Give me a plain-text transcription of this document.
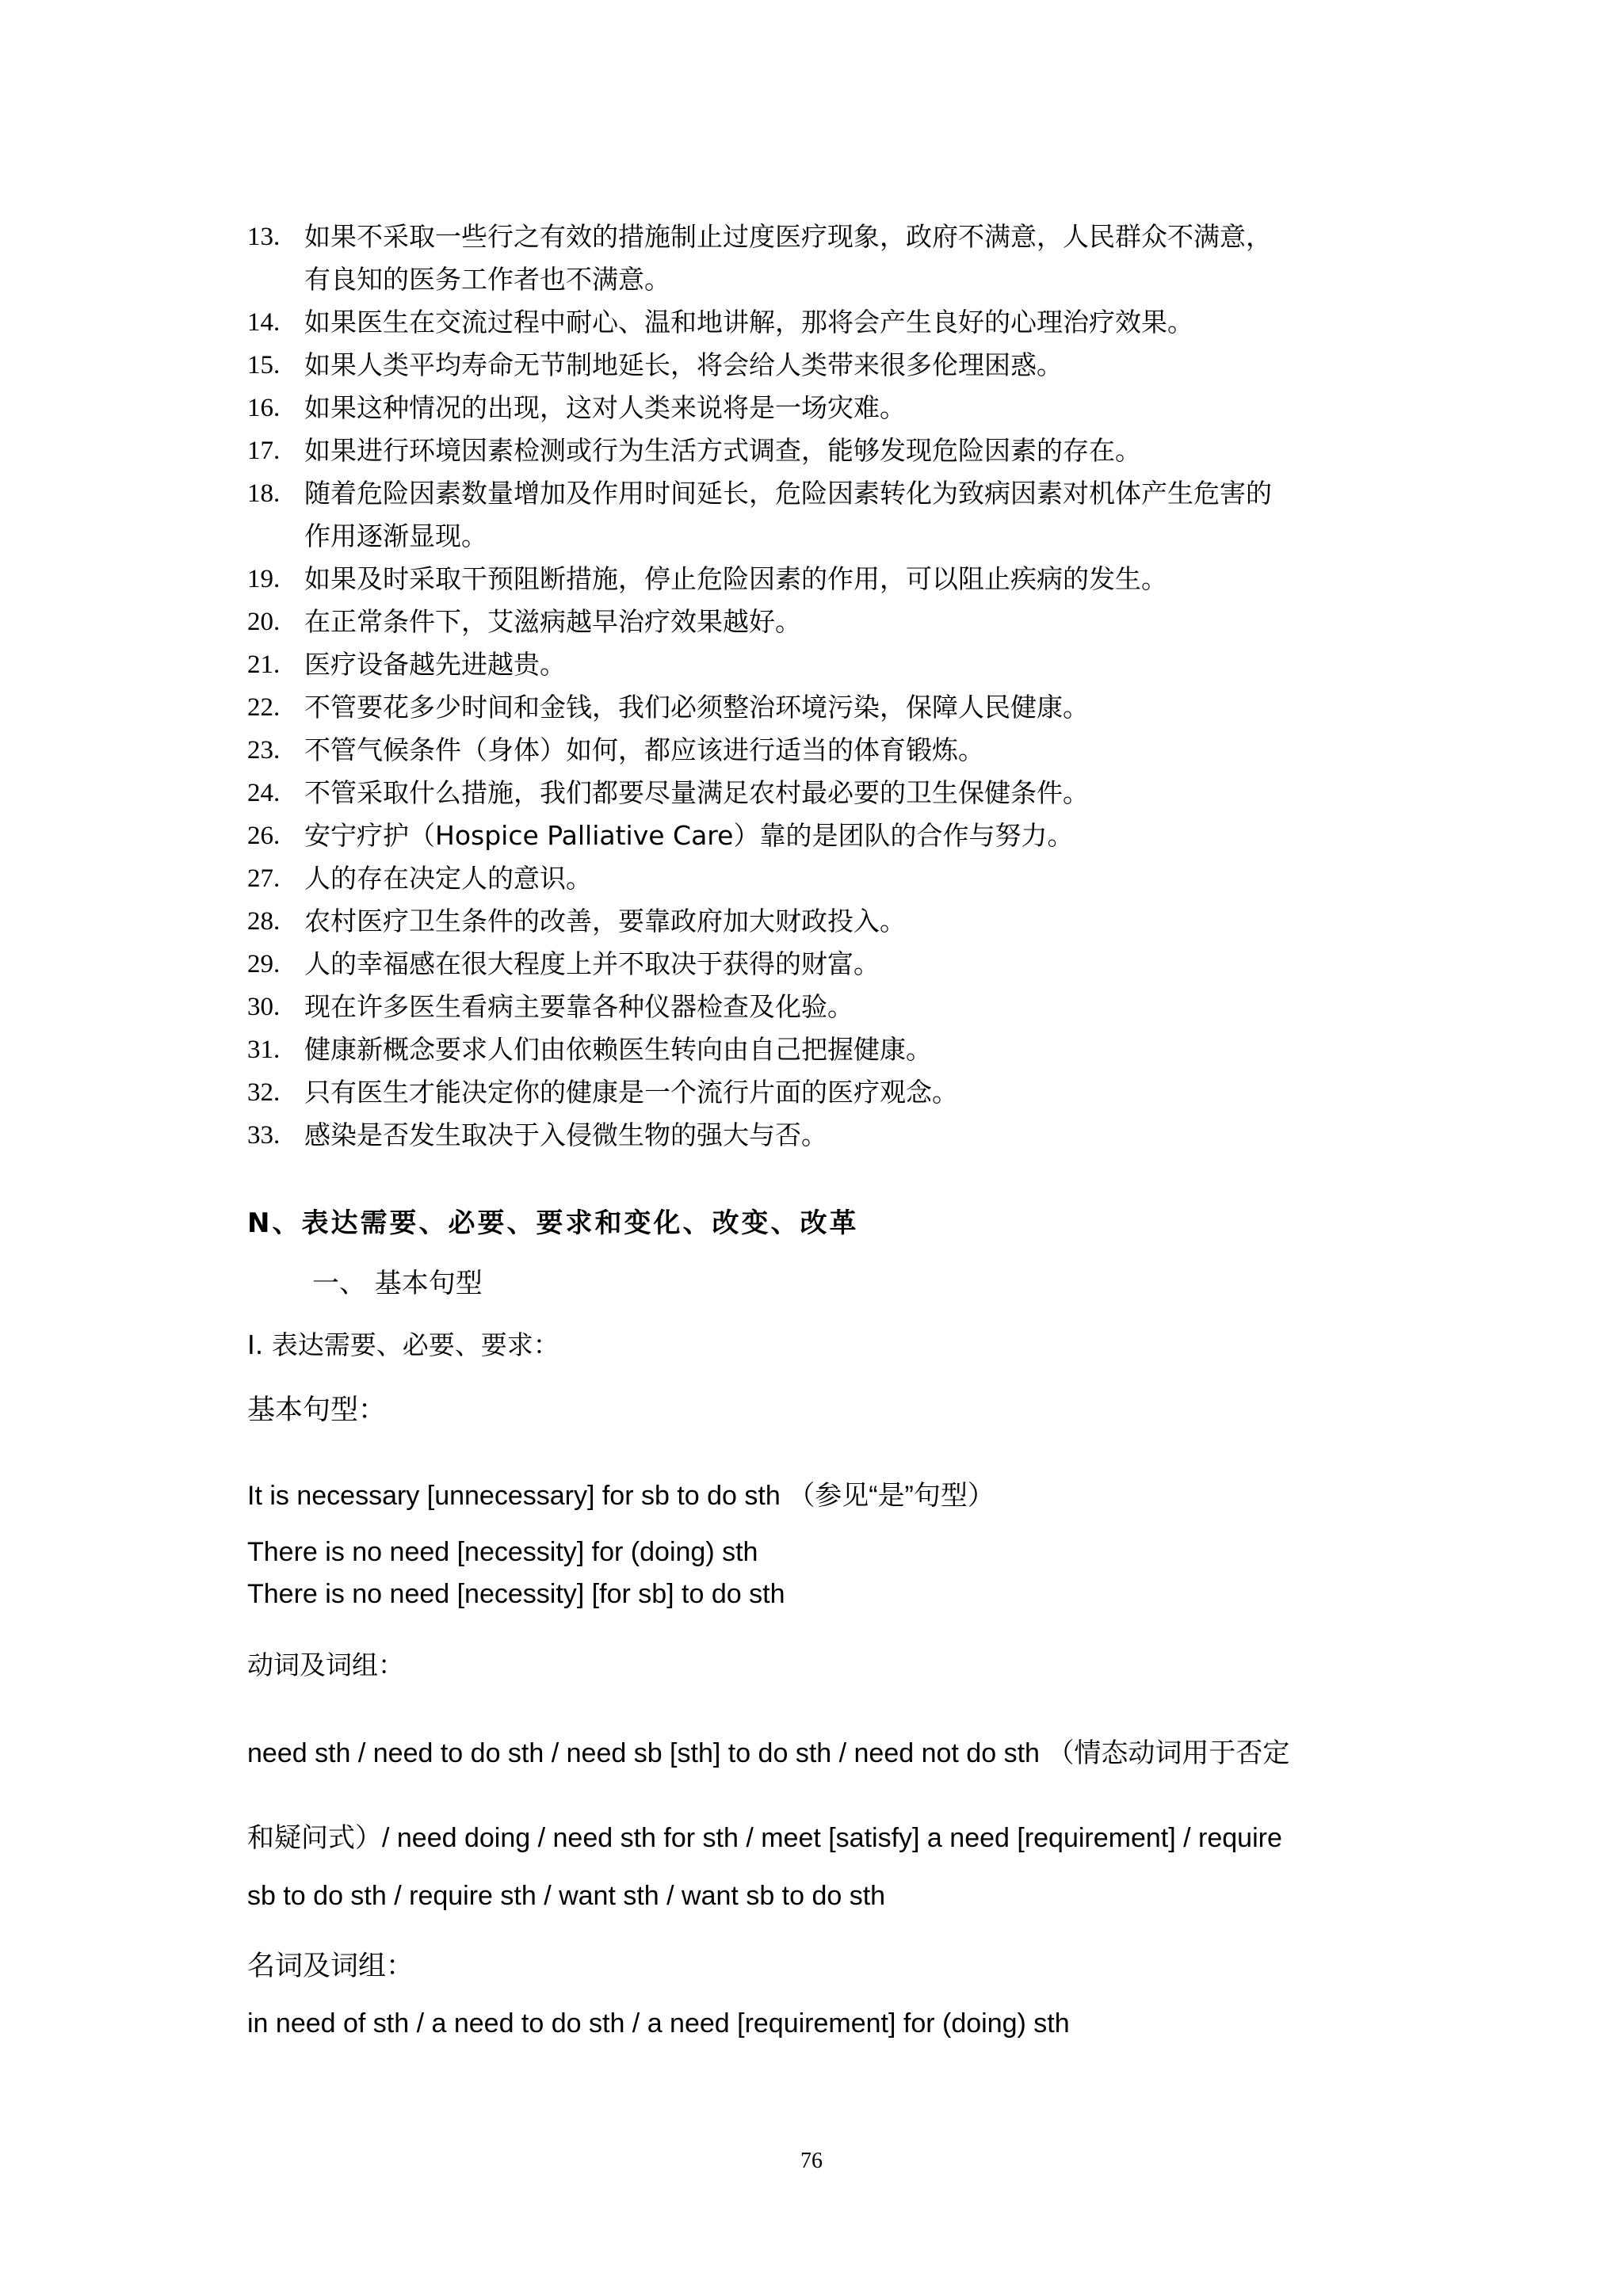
13. 如果不采取一些行之有效的措施制止过度医疗现象，政府不满意，人民群众不满意，
有良知的医务工作者也不满意。
14. 如果医生在交流过程中耐心、温和地讲解，那将会产生良好的心理治疗效果。
15. 如果人类平均寿命无节制地延长，将会给人类带来很多伦理困惑。
16. 如果这种情况的出现，这对人类来说将是一场灾难。
17. 如果进行环境因素检测或行为生活方式调查，能够发现危险因素的存在。
18. 随着危险因素数量增加及作用时间延长，危险因素转化为致病因素对机体产生危害的
作用逐渐显现。
19. 如果及时采取干预阻断措施，停止危险因素的作用，可以阻止疾病的发生。
20. 在正常条件下，艾滋病越早治疗效果越好。
21. 医疗设备越先进越贵。
22. 不管要花多少时间和金钱，我们必须整治环境污染，保障人民健康。
23. 不管气候条件（身体）如何，都应该进行适当的体育锻炼。
24. 不管采取什么措施，我们都要尽量满足农村最必要的卫生保健条件。
26. 安宁疗护（Hospice Palliative Care）靠的是团队的合作与努力。
27. 人的存在决定人的意识。
28. 农村医疗卫生条件的改善，要靠政府加大财政投入。
29. 人的幸福感在很大程度上并不取决于获得的财富。
30. 现在许多医生看病主要靠各种仪器检查及化验。
31. 健康新概念要求人们由依赖医生转向由自己把握健康。
32. 只有医生才能决定你的健康是一个流行片面的医疗观念。
33. 感染是否发生取决于入侵微生物的强大与否。
N、表达需要、必要、要求和变化、改变、改革
一、 基本句型
I. 表达需要、必要、要求：
基本句型：
It is necessary [unnecessary] for sb to do sth （参见“是”句型）
There is no need [necessity] for (doing) sth
There is no need [necessity] [for sb] to do sth
动词及词组：
need sth / need to do sth / need sb [sth] to do sth / need not do sth （情态动词用于否定
和疑问式）/ need doing / need sth for sth / meet [satisfy] a need [requirement] / require
sb to do sth / require sth / want sth / want sb to do sth
名词及词组：
in need of sth / a need to do sth / a need [requirement] for (doing) sth
76
